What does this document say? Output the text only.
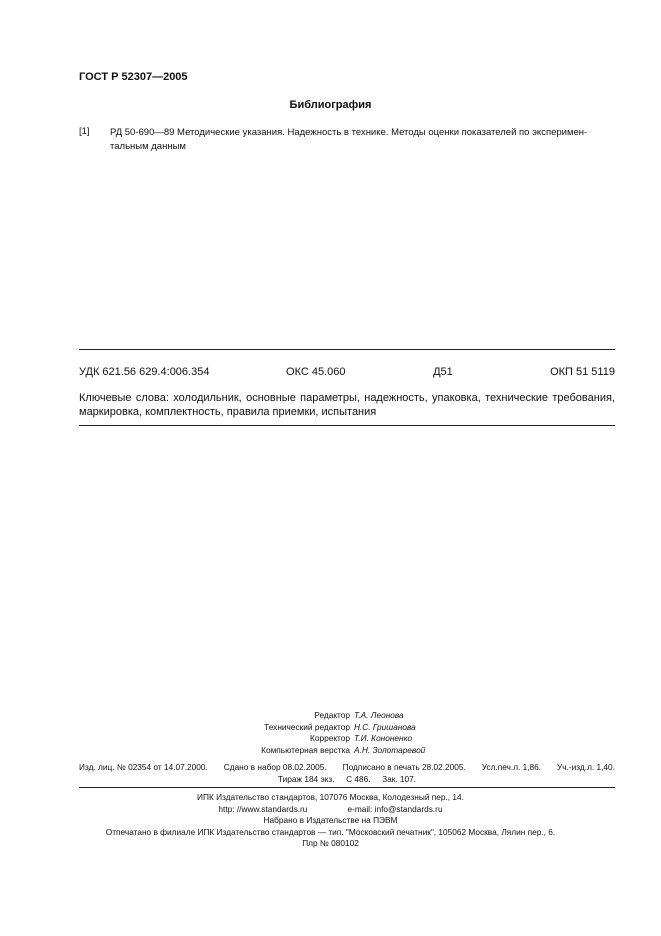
ГОСТ Р 52307—2005
Библиография
[1] РД 50-690—89 Методические указания. Надежность в технике. Методы оценки показателей по эксперимен-тальным данным
УДК 621.56 629.4:006.354	ОКС 45.060	Д51	ОКП 51 5119
Ключевые слова: холодильник, основные параметры, надежность, упаковка, технические требования, маркировка, комплектность, правила приемки, испытания
Редактор Т.А. Леонова
Технический редактор Н.С. Гришанова
Корректор Т.И. Кононенко
Компьютерная верстка А.Н. Золотаревой
Изд. лиц. № 02354 от 14.07.2000. Сдано в набор 08.02.2005. Подписано в печать 28.02.2005. Усл.печ.л. 1,86. Уч.-изд.л. 1,40.
Тираж 184 экз. С 486. Зак. 107.
ИПК Издательство стандартов, 107076 Москва, Колодезный пер., 14.
http: //www.standards.ru	e-mail: info@standards.ru
Набрано в Издательстве на ПЭВМ
Отпечатано в филиале ИПК Издательство стандартов — тип. "Московский печатник", 105062 Москва, Лялин пер., 6.
Плр № 080102
